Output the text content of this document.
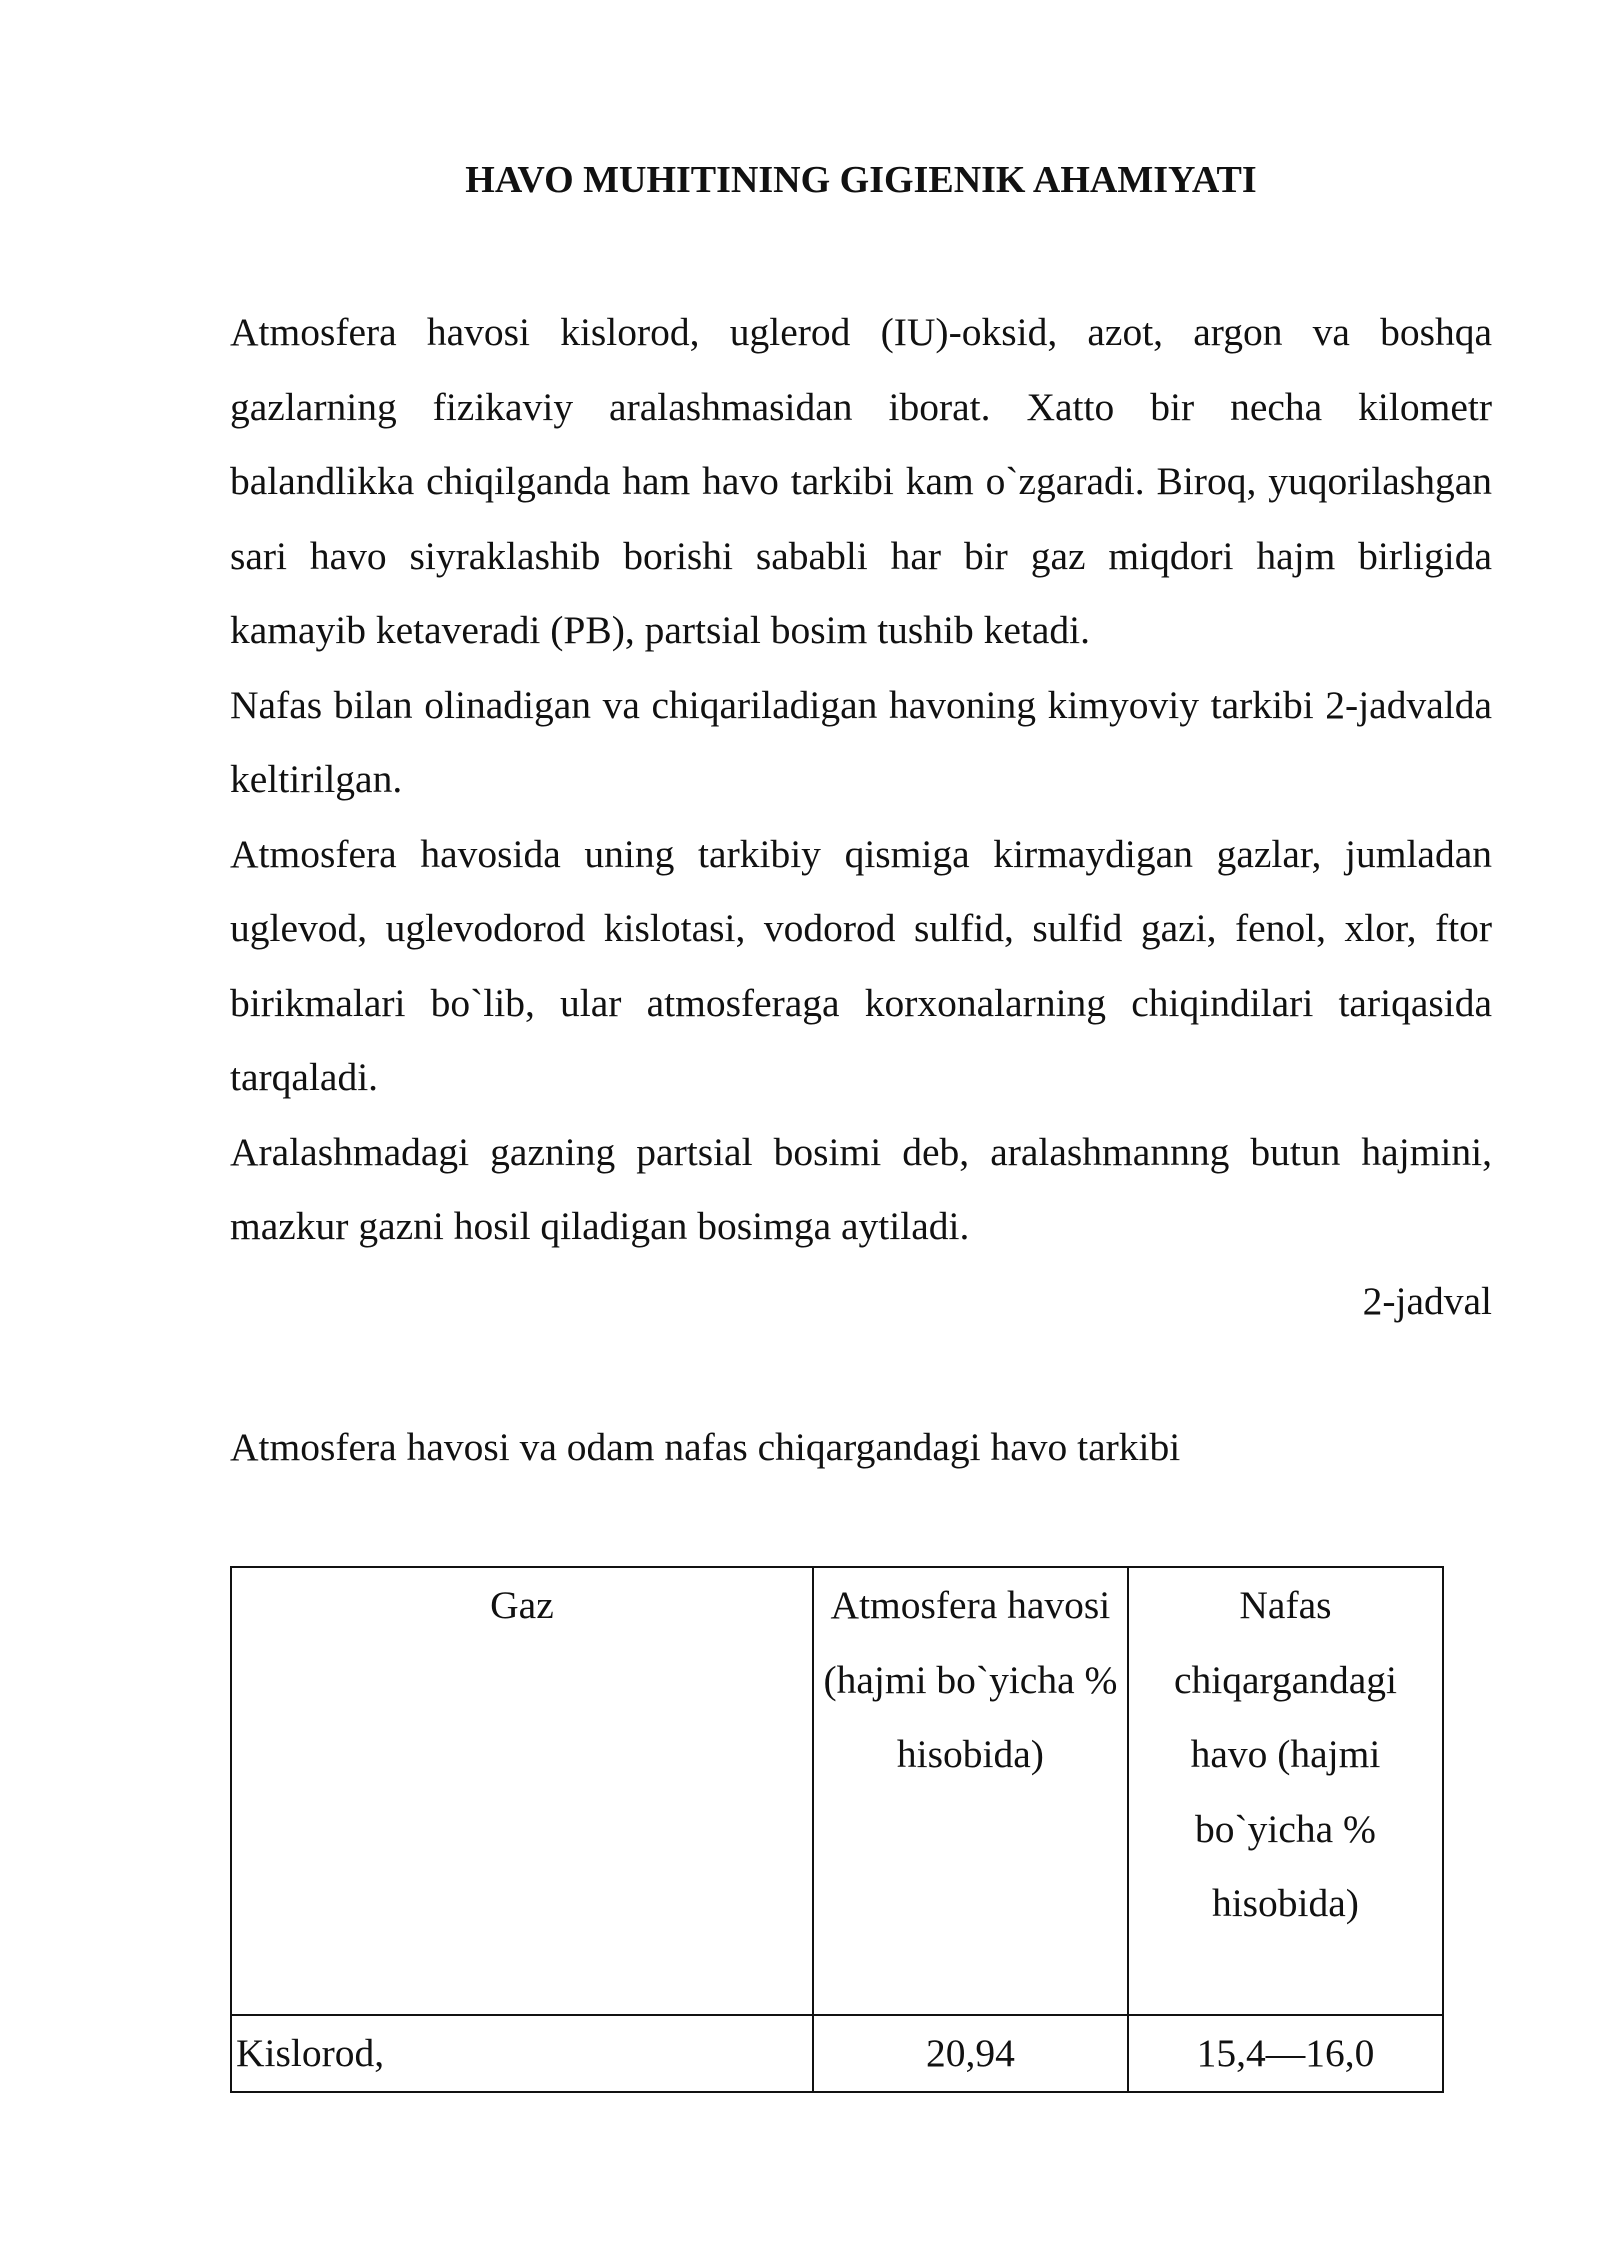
HAVO MUHITINING GIGIENIK AHAMIYATI

Atmosfera havosi kislorod, uglerod (IU)-oksid, azot, argon va boshqa gazlarning fizikaviy aralashmasidan iborat. Xatto bir necha kilometr balandlikka chiqilganda ham havo tarkibi kam o`zgaradi. Biroq, yuqorilashgan sari havo siyraklashib borishi sababli har bir gaz miqdori hajm birligida kamayib ketaveradi (PB), partsial bosim tushib ketadi.

Nafas bilan olinadigan va chiqariladigan havoning kimyoviy tarkibi 2-jadvalda keltirilgan.

Atmosfera havosida uning tarkibiy qismiga kirmaydigan gazlar, jumladan uglevod, uglevodorod kislotasi, vodorod sulfid, sulfid gazi, fenol, xlor, ftor birikmalari bo`lib, ular atmosferaga korxonalarning chiqindilari tariqasida tarqaladi.

Aralashmadagi gazning partsial bosimi deb, aralashmannng butun hajmini, mazkur gazni hosil qiladigan bosimga aytiladi.

2-jadval

Atmosfera havosi va odam nafas chiqargandagi havo tarkibi

Gaz	Atmosfera havosi (hajmi bo`yicha % hisobida)	Nafas chiqargandagi havo (hajmi bo`yicha % hisobida)
Kislorod,	20,94	15,4—16,0
